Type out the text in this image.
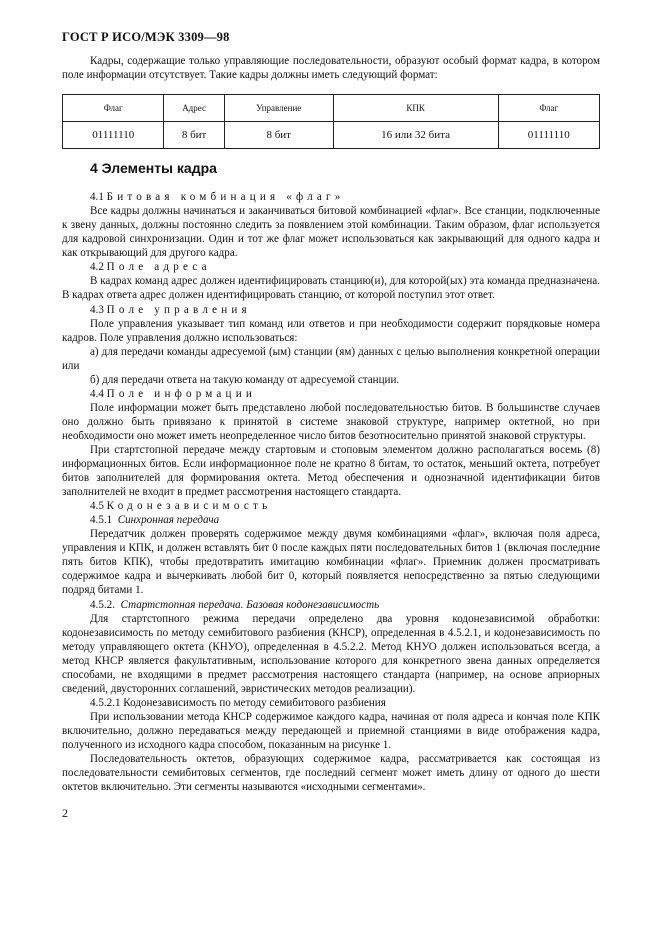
ГОСТ Р ИСО/МЭК 3309—98

Кадры, содержащие только управляющие последовательности, образуют особый формат кадра, в котором поле информации отсутствует. Такие кадры должны иметь следующий формат:

Флаг	Адрес	Управление	КПК	Флаг
01111110	8 бит	8 бит	16 или 32 бита	01111110
4 Элементы кадра
4.1 Битовая комбинация «флаг»

Все кадры должны начинаться и заканчиваться битовой комбинацией «флаг». Все станции, подключенные к звену данных, должны постоянно следить за появлением этой комбинации. Таким образом, флаг используется для кадровой синхронизации. Один и тот же флаг может использоваться как закрывающий для одного кадра и как открывающий для другого кадра.

4.2 Поле адреса

В кадрах команд адрес должен идентифицировать станцию(и), для которой(ых) эта команда предназначена. В кадрах ответа адрес должен идентифицировать станцию, от которой поступил этот ответ.

4.3 Поле управления

Поле управления указывает тип команд или ответов и при необходимости содержит порядковые номера кадров. Поле управления должно использоваться:

а) для передачи команды адресуемой (ым) станции (ям) данных с целью выполнения конкретной операции или

б) для передачи ответа на такую команду от адресуемой станции.

4.4 Поле информации

Поле информации может быть представлено любой последовательностью битов. В большинстве случаев оно должно быть привязано к принятой в системе знаковой структуре, например октетной, но при необходимости оно может иметь неопределенное число битов безотносительно принятой знаковой структуры.

При стартстопной передаче между стартовым и стоповым элементом должно располагаться восемь (8) информационных битов. Если информационное поле не кратно 8 битам, то остаток, меньший октета, потребует битов заполнителей для формирования октета. Метод обеспечения и однозначной идентификации битов заполнителей не входит в предмет рассмотрения настоящего стандарта.

4.5 Кодонезависимость
4.5.1 Синхронная передача

Передатчик должен проверять содержимое между двумя комбинациями «флаг», включая поля адреса, управления и КПК, и должен вставлять бит 0 после каждых пяти последовательных битов 1 (включая последние пять битов КПК), чтобы предотвратить имитацию комбинации «флаг». Приемник должен просматривать содержимое кадра и вычеркивать любой бит 0, который появляется непосредственно за пятью следующими подряд битами 1.

4.5.2. Стартстопная передача. Базовая кодонезависимость

Для стартстопного режима передачи определено два уровня кодонезависимой обработки: кодонезависимость по методу семибитового разбиения (КНСР), определенная в 4.5.2.1, и кодонезависимость по методу управляющего октета (КНУО), определенная в 4.5.2.2. Метод КНУО должен использоваться всегда, а метод КНСР является факультативным, использование которого для конкретного звена данных определяется способами, не входящими в предмет рассмотрения настоящего стандарта (например, на основе априорных сведений, двусторонних соглашений, эвристических методов реализации).

4.5.2.1 Кодонезависимость по методу семибитового разбиения

При использовании метода КНСР содержимое каждого кадра, начиная от поля адреса и кончая поле КПК включительно, должно передаваться между передающей и приемной станциями в виде отображения кадра, полученного из исходного кадра способом, показанным на рисунке 1.

Последовательность октетов, образующих содержимое кадра, рассматривается как состоящая из последовательности семибитовых сегментов, где последний сегмент может иметь длину от одного до шести октетов включительно. Эти сегменты называются «исходными сегментами».

2
